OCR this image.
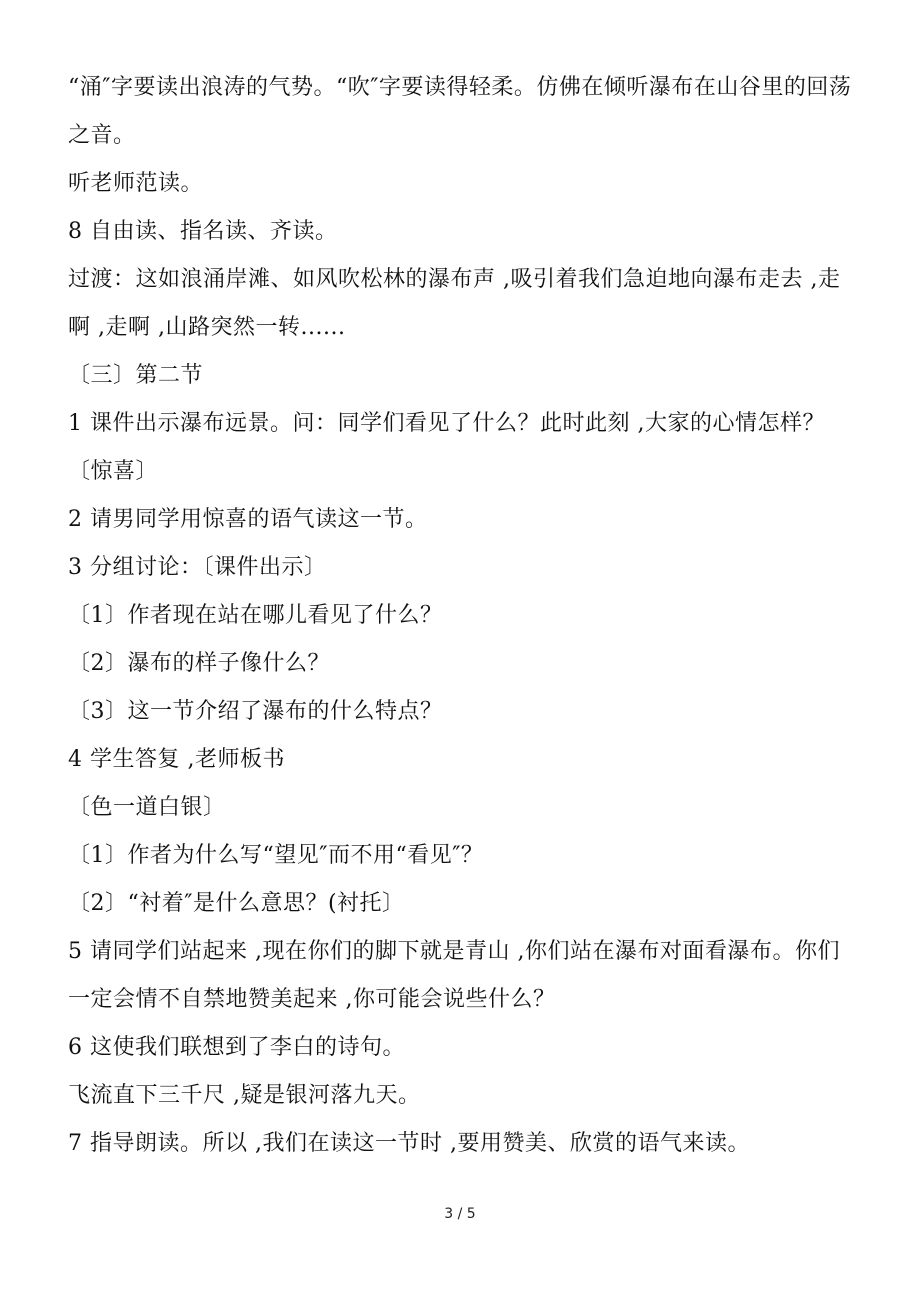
“涌″字要读出浪涛的气势。“吹″字要读得轻柔。仿佛在倾听瀑布在山谷里的回荡之音。

听老师范读。

8 自由读、指名读、齐读。

过渡：这如浪涌岸滩、如风吹松林的瀑布声 ,吸引着我们急迫地向瀑布走去 ,走啊 ,走啊 ,山路突然一转......

〔三〕第二节

1 课件出示瀑布远景。问：同学们看见了什么？此时此刻 ,大家的心情怎样？〔惊喜〕

2 请男同学用惊喜的语气读这一节。

3 分组讨论：〔课件出示〕

〔1〕作者现在站在哪儿看见了什么？

〔2〕瀑布的样子像什么？

〔3〕这一节介绍了瀑布的什么特点？

4 学生答复 ,老师板书

〔色一道白银〕

〔1〕作者为什么写“望见″而不用“看见″？

〔2〕“衬着″是什么意思？(衬托〕

5 请同学们站起来 ,现在你们的脚下就是青山 ,你们站在瀑布对面看瀑布。你们一定会情不自禁地赞美起来 ,你可能会说些什么？

6 这使我们联想到了李白的诗句。

飞流直下三千尺 ,疑是银河落九天。

7 指导朗读。所以 ,我们在读这一节时 ,要用赞美、欣赏的语气来读。

3 / 5
